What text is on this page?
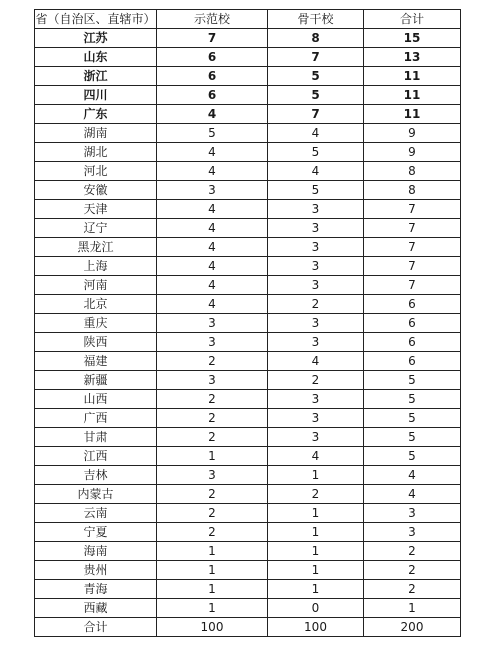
省（自治区、直辖市）	示范校	骨干校	合计
江苏	7	8	15
山东	6	7	13
浙江	6	5	11
四川	6	5	11
广东	4	7	11
湖南	5	4	9
湖北	4	5	9
河北	4	4	8
安徽	3	5	8
天津	4	3	7
辽宁	4	3	7
黑龙江	4	3	7
上海	4	3	7
河南	4	3	7
北京	4	2	6
重庆	3	3	6
陕西	3	3	6
福建	2	4	6
新疆	3	2	5
山西	2	3	5
广西	2	3	5
甘肃	2	3	5
江西	1	4	5
吉林	3	1	4
内蒙古	2	2	4
云南	2	1	3
宁夏	2	1	3
海南	1	1	2
贵州	1	1	2
青海	1	1	2
西藏	1	0	1
合计	100	100	200
